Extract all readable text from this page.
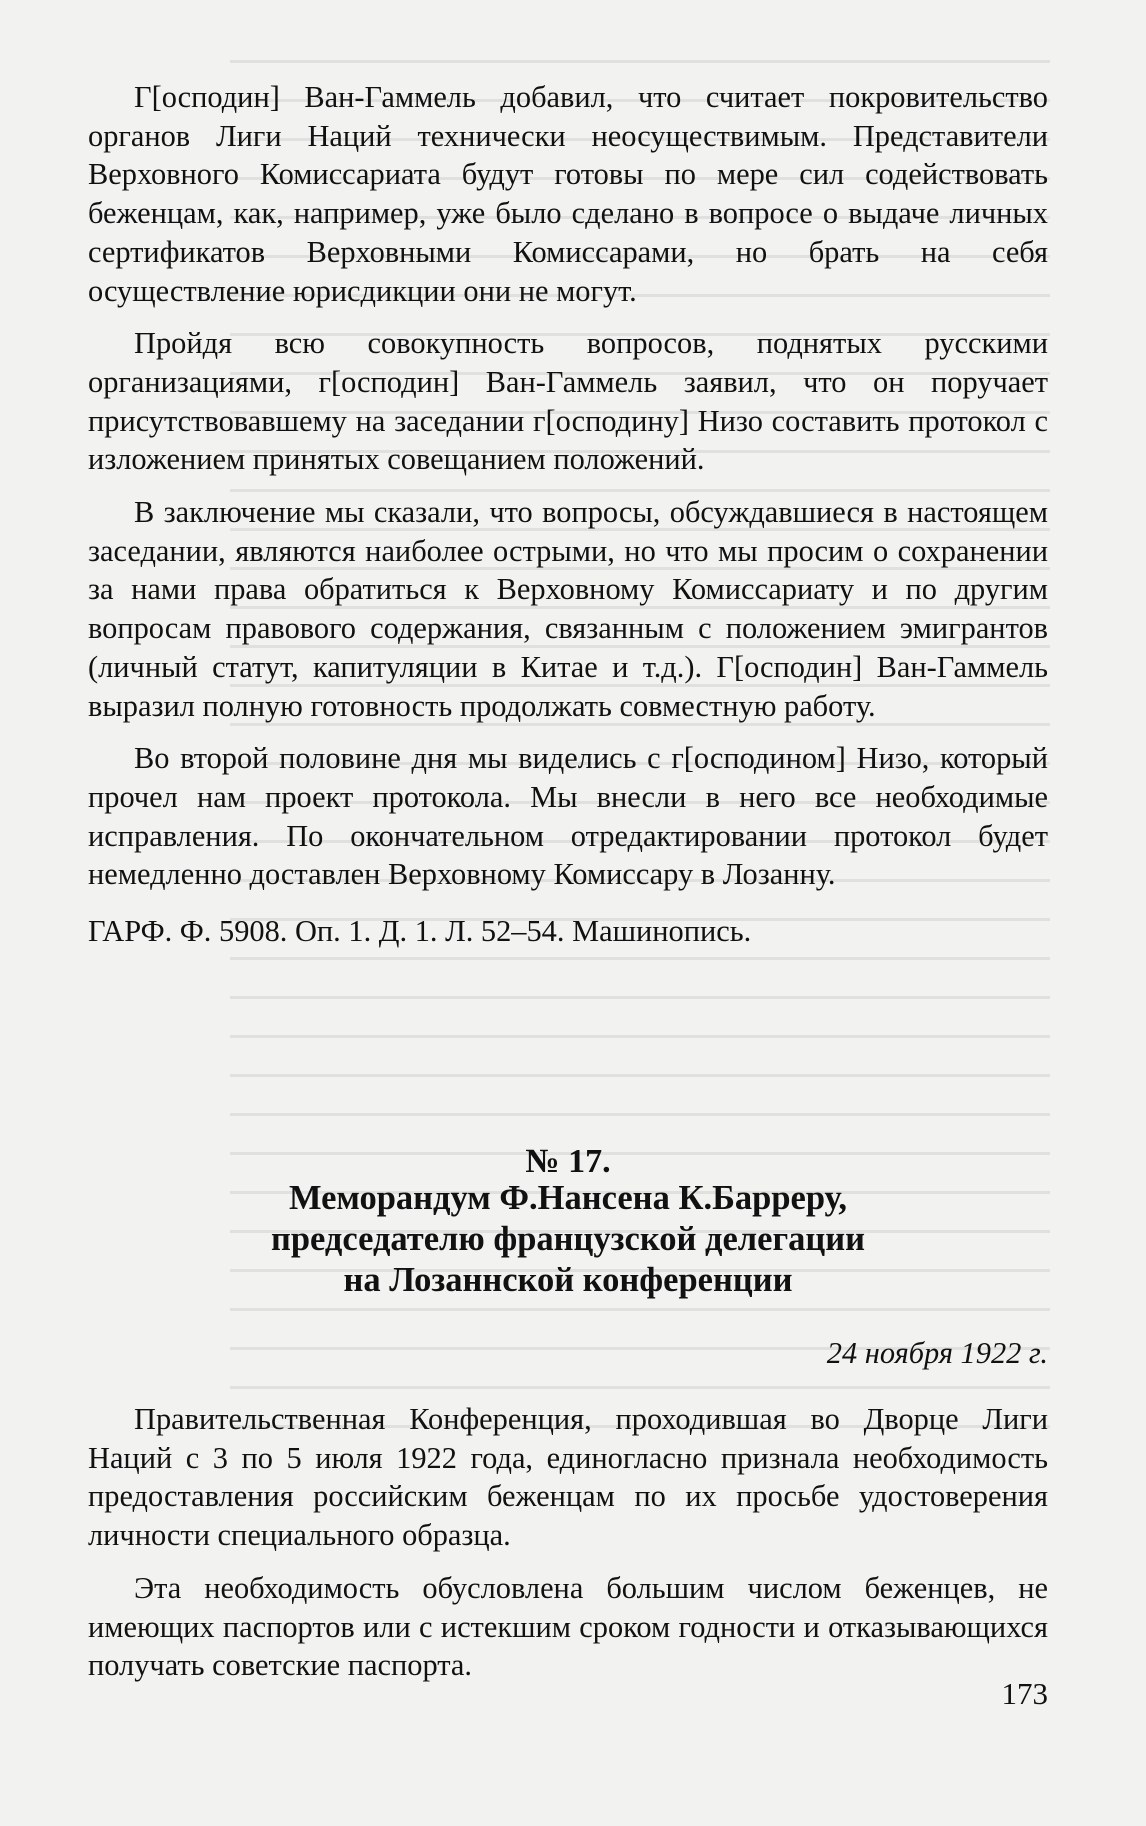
Г[осподин] Ван-Гаммель добавил, что считает покровительство органов Лиги Наций технически неосуществимым. Представители Верховного Комиссариата будут готовы по мере сил содействовать беженцам, как, например, уже было сделано в вопросе о выдаче личных сертификатов Верховными Комиссарами, но брать на себя осуществление юрисдикции они не могут.

Пройдя всю совокупность вопросов, поднятых русскими организациями, г[осподин] Ван-Гаммель заявил, что он поручает присутствовавшему на заседании г[осподину] Низо составить протокол с изложением принятых совещанием положений.

В заключение мы сказали, что вопросы, обсуждавшиеся в настоящем заседании, являются наиболее острыми, но что мы просим о сохранении за нами права обратиться к Верховному Комиссариату и по другим вопросам правового содержания, связанным с положением эмигрантов (личный статут, капитуляции в Китае и т.д.). Г[осподин] Ван-Гаммель выразил полную готовность продолжать совместную работу.

Во второй половине дня мы виделись с г[осподином] Низо, который прочел нам проект протокола. Мы внесли в него все необходимые исправления. По окончательном отредактировании протокол будет немедленно доставлен Верховному Комиссару в Лозанну.

ГАРФ. Ф. 5908. Оп. 1. Д. 1. Л. 52–54. Машинопись.

№ 17.
Меморандум Ф.Нансена К.Барреру,
председателю французской делегации
на Лозаннской конференции
24 ноября 1922 г.

Правительственная Конференция, проходившая во Дворце Лиги Наций с 3 по 5 июля 1922 года, единогласно признала необходимость предоставления российским беженцам по их просьбе удостоверения личности специального образца.

Эта необходимость обусловлена большим числом беженцев, не имеющих паспортов или с истекшим сроком годности и отказывающихся получать советские паспорта.

173
